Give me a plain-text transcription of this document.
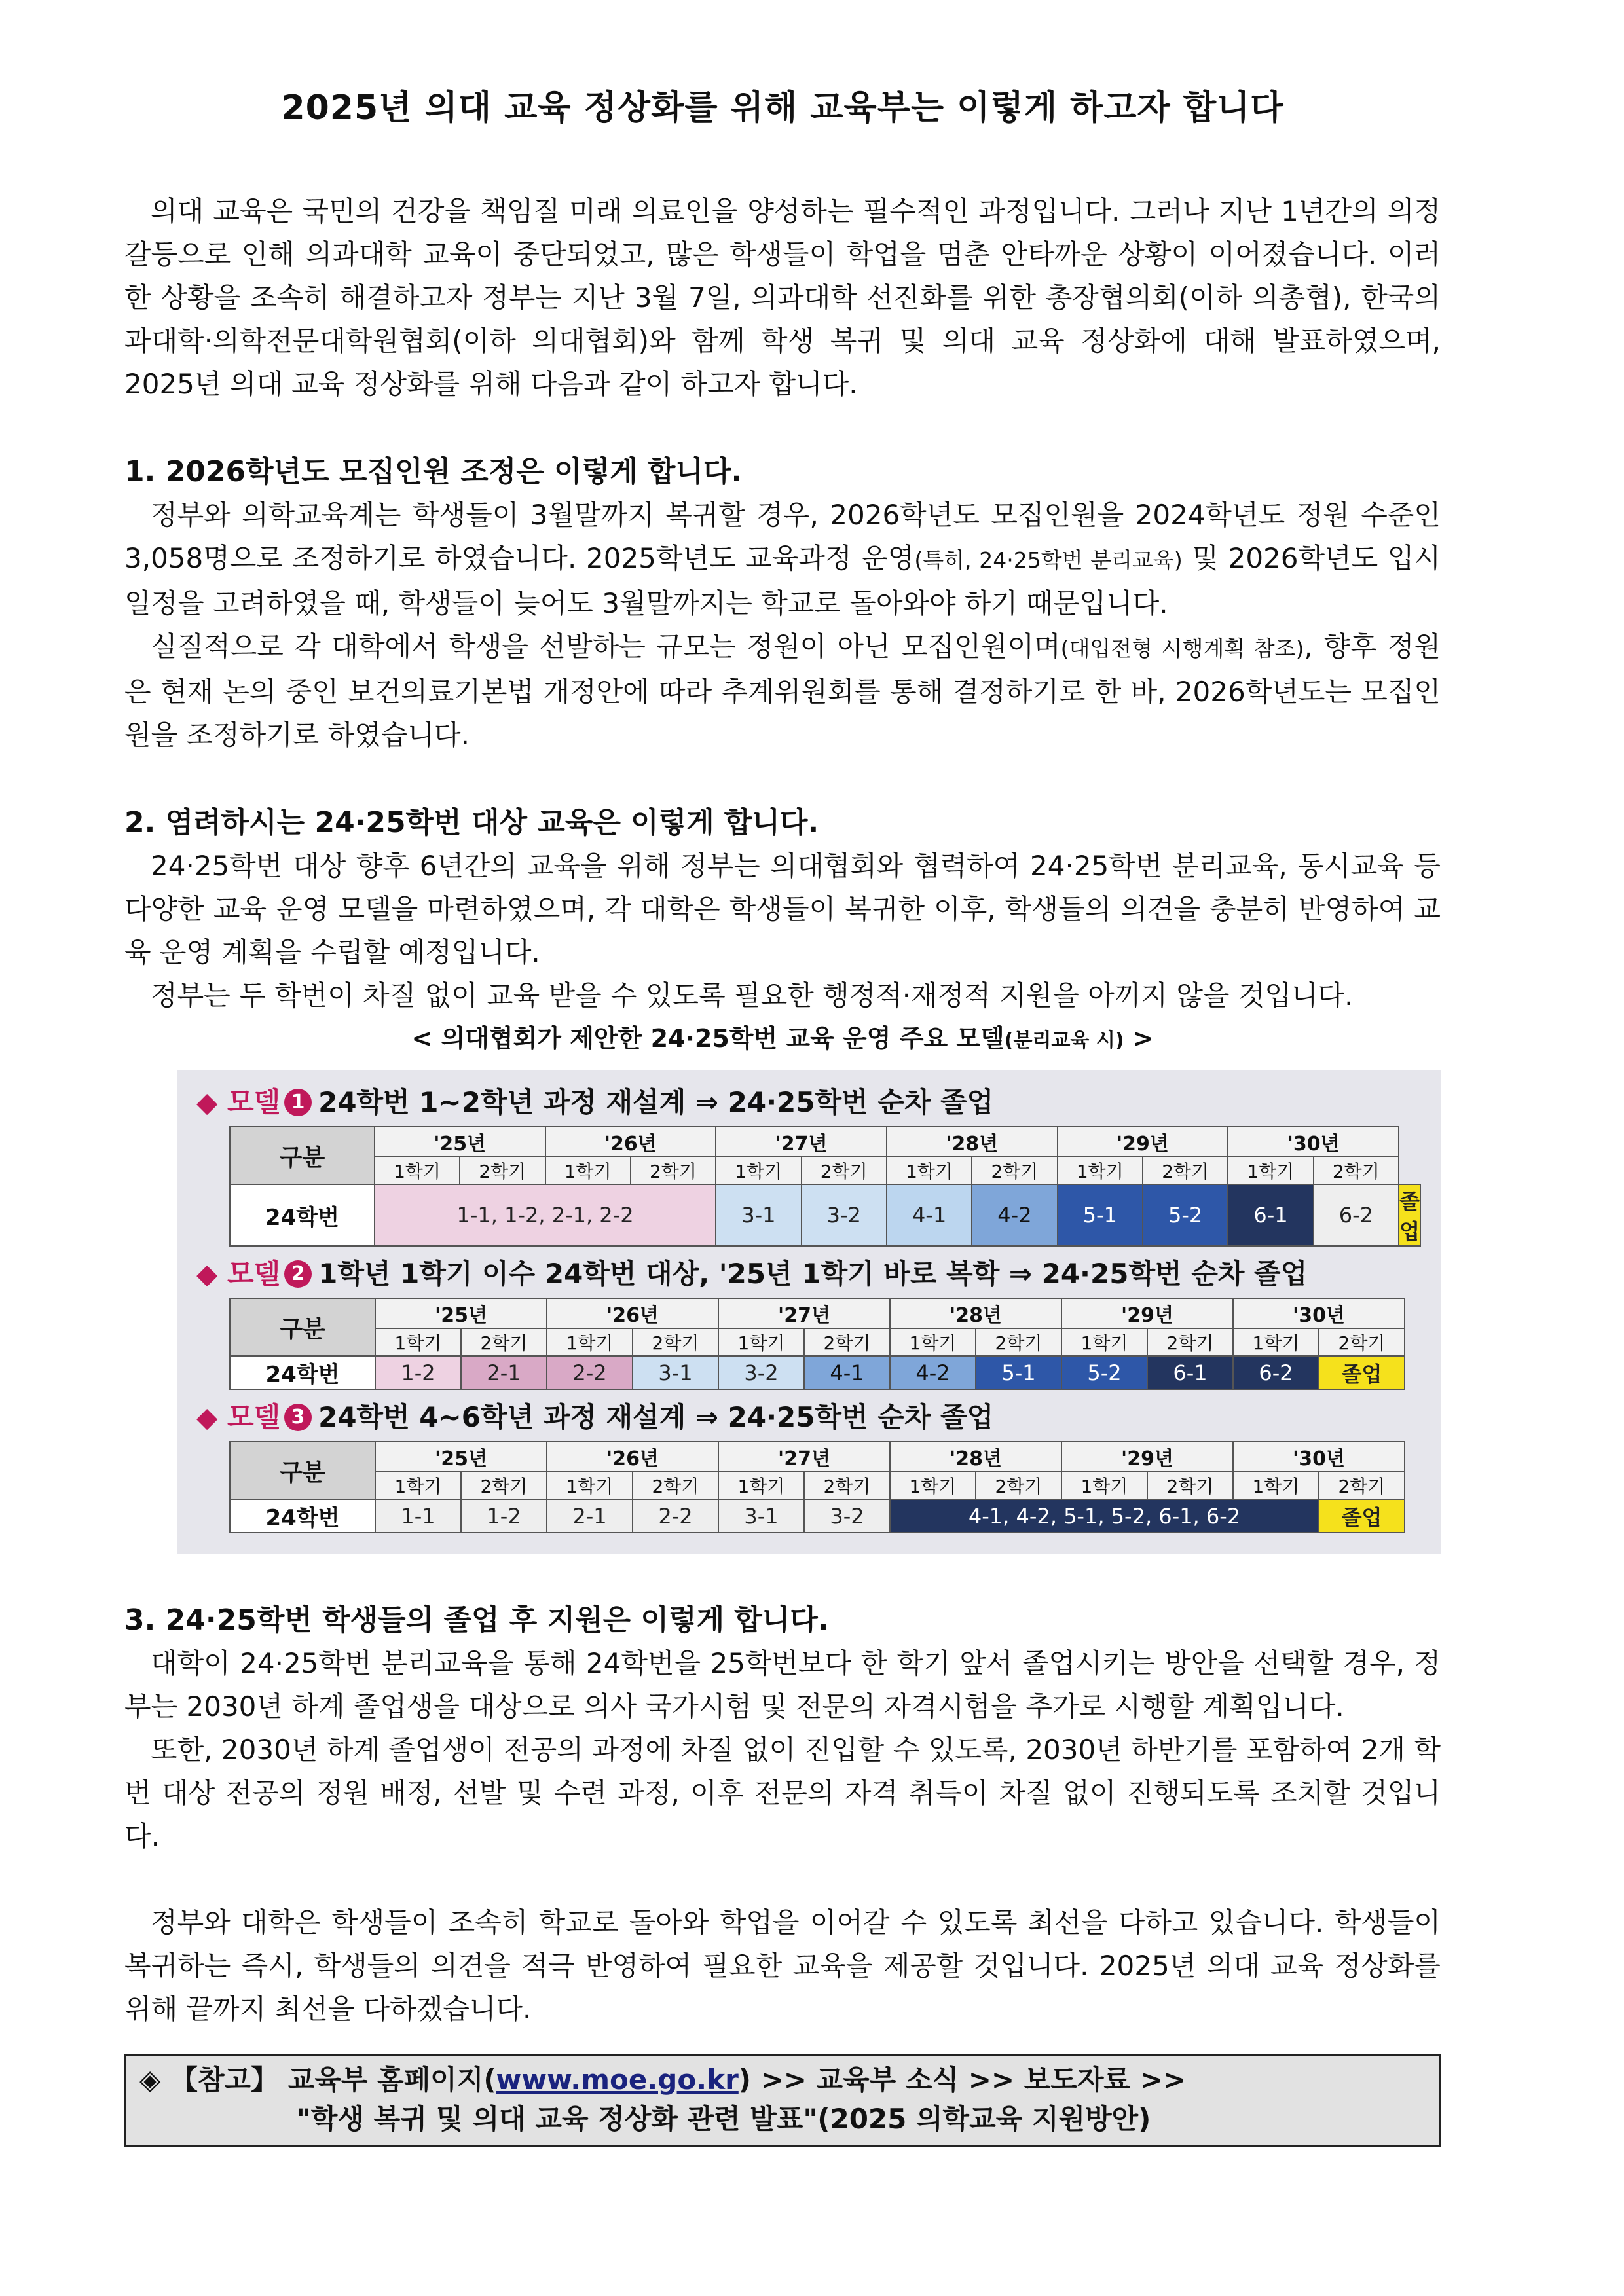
2025년 의대 교육 정상화를 위해 교육부는 이렇게 하고자 합니다

의대 교육은 국민의 건강을 책임질 미래 의료인을 양성하는 필수적인 과정입니다. 그러나 지난 1년간의 의정 갈등으로 인해 의과대학 교육이 중단되었고, 많은 학생들이 학업을 멈춘 안타까운 상황이 이어졌습니다. 이러한 상황을 조속히 해결하고자 정부는 지난 3월 7일, 의과대학 선진화를 위한 총장협의회(이하 의총협), 한국의과대학·의학전문대학원협회(이하 의대협회)와 함께 학생 복귀 및 의대 교육 정상화에 대해 발표하였으며, 2025년 의대 교육 정상화를 위해 다음과 같이 하고자 합니다.

1. 2026학년도 모집인원 조정은 이렇게 합니다.

정부와 의학교육계는 학생들이 3월말까지 복귀할 경우, 2026학년도 모집인원을 2024학년도 정원 수준인 3,058명으로 조정하기로 하였습니다. 2025학년도 교육과정 운영(특히, 24·25학번 분리교육) 및 2026학년도 입시 일정을 고려하였을 때, 학생들이 늦어도 3월말까지는 학교로 돌아와야 하기 때문입니다.

실질적으로 각 대학에서 학생을 선발하는 규모는 정원이 아닌 모집인원이며(대입전형 시행계획 참조), 향후 정원은 현재 논의 중인 보건의료기본법 개정안에 따라 추계위원회를 통해 결정하기로 한 바, 2026학년도는 모집인원을 조정하기로 하였습니다.

2. 염려하시는 24·25학번 대상 교육은 이렇게 합니다.

24·25학번 대상 향후 6년간의 교육을 위해 정부는 의대협회와 협력하여 24·25학번 분리교육, 동시교육 등 다양한 교육 운영 모델을 마련하였으며, 각 대학은 학생들이 복귀한 이후, 학생들의 의견을 충분히 반영하여 교육 운영 계획을 수립할 예정입니다.

정부는 두 학번이 차질 없이 교육 받을 수 있도록 필요한 행정적·재정적 지원을 아끼지 않을 것입니다.

< 의대협회가 제안한 24·25학번 교육 운영 주요 모델(분리교육 시) >
◆ 모델 1 24학번 1~2학년 과정 재설계 ⇒ 24·25학번 순차 졸업
구분	'25년		'26년		'27년		'28년		'29년		'30년		
	1학기	2학기	1학기	2학기	1학기	2학기	1학기	2학기	1학기	2학기	1학기	2학기	
24학번	1-1, 1-2, 2-1, 2-2				3-1	3-2	4-1	4-2	5-1	5-2	6-1	6-2	졸업
◆ 모델 2 1학년 1학기 이수 24학번 대상, '25년 1학기 바로 복학 ⇒ 24·25학번 순차 졸업
구분	'25년		'26년		'27년		'28년		'29년		'30년	
	1학기	2학기	1학기	2학기	1학기	2학기	1학기	2학기	1학기	2학기	1학기	2학기
24학번	1-2	2-1	2-2	3-1	3-2	4-1	4-2	5-1	5-2	6-1	6-2	졸업
◆ 모델 3 24학번 4~6학년 과정 재설계 ⇒ 24·25학번 순차 졸업
구분	'25년		'26년		'27년		'28년		'29년		'30년	
	1학기	2학기	1학기	2학기	1학기	2학기	1학기	2학기	1학기	2학기	1학기	2학기
24학번	1-1	1-2	2-1	2-2	3-1	3-2	4-1, 4-2, 5-1, 5-2, 6-1, 6-2					졸업
3. 24·25학번 학생들의 졸업 후 지원은 이렇게 합니다.

대학이 24·25학번 분리교육을 통해 24학번을 25학번보다 한 학기 앞서 졸업시키는 방안을 선택할 경우, 정부는 2030년 하계 졸업생을 대상으로 의사 국가시험 및 전문의 자격시험을 추가로 시행할 계획입니다.

또한, 2030년 하계 졸업생이 전공의 과정에 차질 없이 진입할 수 있도록, 2030년 하반기를 포함하여 2개 학번 대상 전공의 정원 배정, 선발 및 수련 과정, 이후 전문의 자격 취득이 차질 없이 진행되도록 조치할 것입니다.

정부와 대학은 학생들이 조속히 학교로 돌아와 학업을 이어갈 수 있도록 최선을 다하고 있습니다. 학생들이 복귀하는 즉시, 학생들의 의견을 적극 반영하여 필요한 교육을 제공할 것입니다. 2025년 의대 교육 정상화를 위해 끝까지 최선을 다하겠습니다.

◈ 【참고】 교육부 홈페이지(www.moe.go.kr) >> 교육부 소식 >> 보도자료 >>
"학생 복귀 및 의대 교육 정상화 관련 발표"(2025 의학교육 지원방안)
